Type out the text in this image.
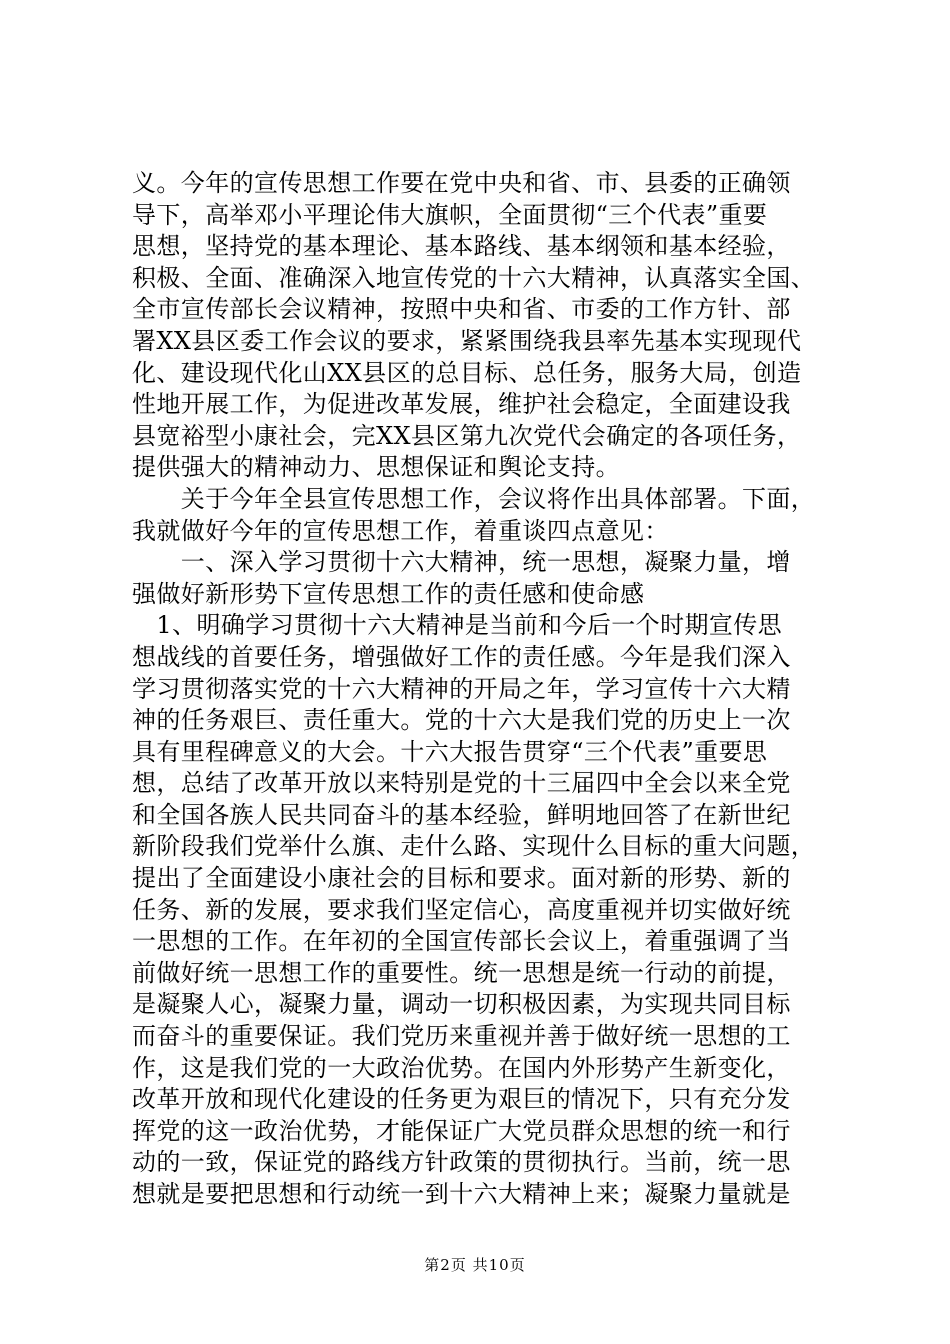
义。今年的宣传思想工作要在党中央和省、市、县委的正确领
导下，高举邓小平理论伟大旗帜，全面贯彻“三个代表”重要
思想，坚持党的基本理论、基本路线、基本纲领和基本经验，
积极、全面、准确深入地宣传党的十六大精神，认真落实全国、
全市宣传部长会议精神，按照中央和省、市委的工作方针、部
署XX县区委工作会议的要求，紧紧围绕我县率先基本实现现代
化、建设现代化山XX县区的总目标、总任务，服务大局，创造
性地开展工作，为促进改革发展，维护社会稳定，全面建设我
县宽裕型小康社会，完XX县区第九次党代会确定的各项任务，
提供强大的精神动力、思想保证和舆论支持。
　　关于今年全县宣传思想工作，会议将作出具体部署。下面，
我就做好今年的宣传思想工作，着重谈四点意见：
　　一、深入学习贯彻十六大精神，统一思想，凝聚力量，增
强做好新形势下宣传思想工作的责任感和使命感
　1、明确学习贯彻十六大精神是当前和今后一个时期宣传思
想战线的首要任务，增强做好工作的责任感。今年是我们深入
学习贯彻落实党的十六大精神的开局之年，学习宣传十六大精
神的任务艰巨、责任重大。党的十六大是我们党的历史上一次
具有里程碑意义的大会。十六大报告贯穿“三个代表”重要思
想，总结了改革开放以来特别是党的十三届四中全会以来全党
和全国各族人民共同奋斗的基本经验，鲜明地回答了在新世纪
新阶段我们党举什么旗、走什么路、实现什么目标的重大问题，
提出了全面建设小康社会的目标和要求。面对新的形势、新的
任务、新的发展，要求我们坚定信心，高度重视并切实做好统
一思想的工作。在年初的全国宣传部长会议上，着重强调了当
前做好统一思想工作的重要性。统一思想是统一行动的前提，
是凝聚人心，凝聚力量，调动一切积极因素，为实现共同目标
而奋斗的重要保证。我们党历来重视并善于做好统一思想的工
作，这是我们党的一大政治优势。在国内外形势产生新变化，
改革开放和现代化建设的任务更为艰巨的情况下，只有充分发
挥党的这一政治优势，才能保证广大党员群众思想的统一和行
动的一致，保证党的路线方针政策的贯彻执行。当前，统一思
想就是要把思想和行动统一到十六大精神上来；凝聚力量就是
第2页 共10页
